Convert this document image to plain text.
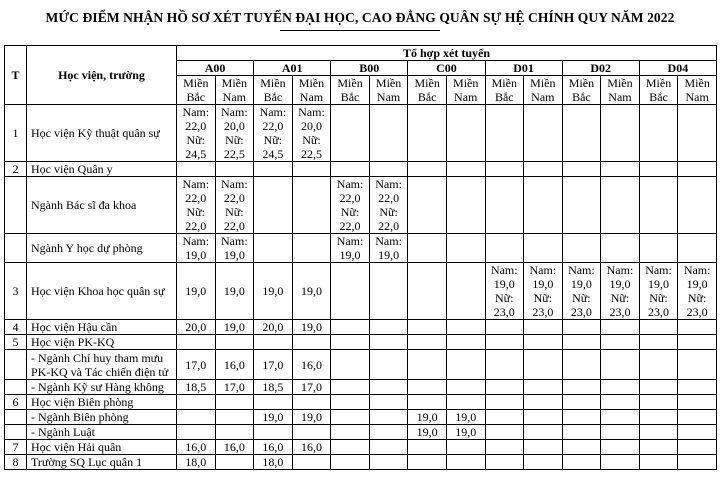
MỨC ĐIỂM NHẬN HỒ SƠ XÉT TUYỂN ĐẠI HỌC, CAO ĐẲNG QUÂN SỰ HỆ CHÍNH QUY NĂM 2022
T	Học viện, trường	Tổ hợp xét tuyển													
		A00		A01		B00		C00		D01		D02		D04	
		Miền Bắc	Miền Nam	Miền Bắc	Miền Nam	Miền Bắc	Miền Nam	Miền Bắc	Miền Nam	Miền Bắc	Miền Nam	Miền Bắc	Miền Nam	Miền Bắc	Miền Nam
1	Học viện Kỹ thuật quân sự	Nam: 22,0 Nữ: 24,5	Nam: 20,0 Nữ: 22,5	Nam: 22,0 Nữ: 24,5	Nam: 20,0 Nữ: 22,5										
2	Học viện Quân y														
	Ngành Bác sĩ đa khoa	Nam: 22,0 Nữ: 22,0	Nam: 22,0 Nữ: 22,0			Nam: 22,0 Nữ: 22,0	Nam: 22,0 Nữ: 22,0								
	Ngành Y học dự phòng	Nam: 19,0	Nam: 19,0			Nam: 19,0	Nam: 19,0								
3	Học viện Khoa học quân sự	19,0	19,0	19,0	19,0					Nam: 19,0 Nữ: 23,0	Nam: 19,0 Nữ: 23,0	Nam: 19,0 Nữ: 23,0	Nam: 19,0 Nữ: 23,0	Nam: 19,0 Nữ: 23,0	Nam: 19,0 Nữ: 23,0
4	Học viện Hậu cần	20,0	19,0	20,0	19,0										
5	Học viện PK-KQ														
	- Ngành Chỉ huy tham mưu PK-KQ và Tác chiến điện tử	17,0	16,0	17,0	16,0										
	- Ngành Kỹ sư Hàng không	18,5	17,0	18,5	17,0										
6	Học viện Biên phòng														
	- Ngành Biên phòng			19,0	19,0			19,0	19,0						
	- Ngành Luật							19,0	19,0						
7	Học viện Hải quân	16,0	16,0	16,0	16,0										
8	Trường SQ Lục quân 1	18,0		18,0											
